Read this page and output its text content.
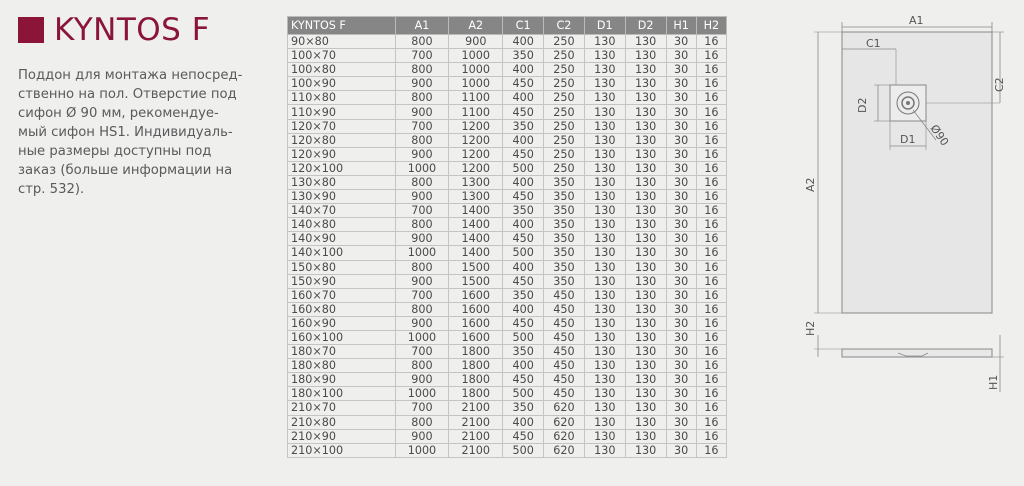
KYNTOS F
Поддон для монтажа непосред-
ственно на пол. Отверстие под
сифон Ø 90 мм, рекомендуе-
мый сифон HS1. Индивидуаль-
ные размеры доступны под
заказ (больше информации на
стр. 532).
KYNTOS F	A1	A2	C1	C2	D1	D2	H1	H2
90×80	800	900	400	250	130	130	30	16
100×70	700	1000	350	250	130	130	30	16
100×80	800	1000	400	250	130	130	30	16
100×90	900	1000	450	250	130	130	30	16
110×80	800	1100	400	250	130	130	30	16
110×90	900	1100	450	250	130	130	30	16
120×70	700	1200	350	250	130	130	30	16
120×80	800	1200	400	250	130	130	30	16
120×90	900	1200	450	250	130	130	30	16
120×100	1000	1200	500	250	130	130	30	16
130×80	800	1300	400	350	130	130	30	16
130×90	900	1300	450	350	130	130	30	16
140×70	700	1400	350	350	130	130	30	16
140×80	800	1400	400	350	130	130	30	16
140×90	900	1400	450	350	130	130	30	16
140×100	1000	1400	500	350	130	130	30	16
150×80	800	1500	400	350	130	130	30	16
150×90	900	1500	450	350	130	130	30	16
160×70	700	1600	350	450	130	130	30	16
160×80	800	1600	400	450	130	130	30	16
160×90	900	1600	450	450	130	130	30	16
160×100	1000	1600	500	450	130	130	30	16
180×70	700	1800	350	450	130	130	30	16
180×80	800	1800	400	450	130	130	30	16
180×90	900	1800	450	450	130	130	30	16
180×100	1000	1800	500	450	130	130	30	16
210×70	700	2100	350	620	130	130	30	16
210×80	800	2100	400	620	130	130	30	16
210×90	900	2100	450	620	130	130	30	16
210×100	1000	2100	500	620	130	130	30	16
A1
C1
C2
D2
D1 Ø90
A2
H2
H1
